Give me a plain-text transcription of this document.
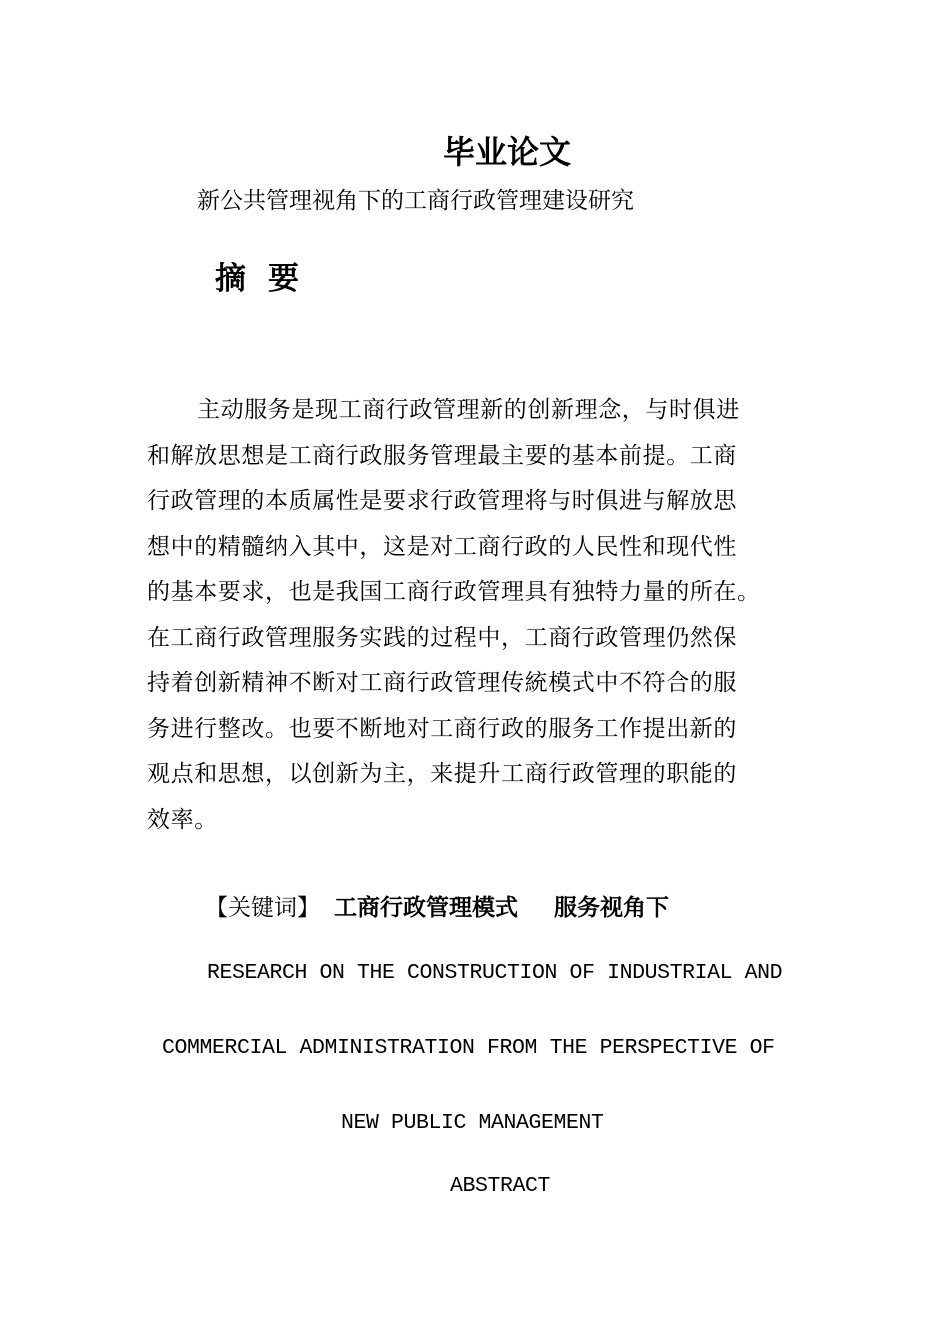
毕业论文
新公共管理视角下的工商行政管理建设研究
摘要
主动服务是现工商行政管理新的创新理念，与时俱进
和解放思想是工商行政服务管理最主要的基本前提。工商
行政管理的本质属性是要求行政管理将与时俱进与解放思
想中的精髓纳入其中，这是对工商行政的人民性和现代性
的基本要求，也是我国工商行政管理具有独特力量的所在。
在工商行政管理服务实践的过程中，工商行政管理仍然保
持着创新精神不断对工商行政管理传統模式中不符合的服
务进行整改。也要不断地对工商行政的服务工作提出新的
观点和思想，以创新为主，来提升工商行政管理的职能的
效率。
【关键词】 工商行政管理模式 服务视角下
RESEARCH ON THE CONSTRUCTION OF INDUSTRIAL AND
COMMERCIAL ADMINISTRATION FROM THE PERSPECTIVE OF
NEW PUBLIC MANAGEMENT
ABSTRACT
